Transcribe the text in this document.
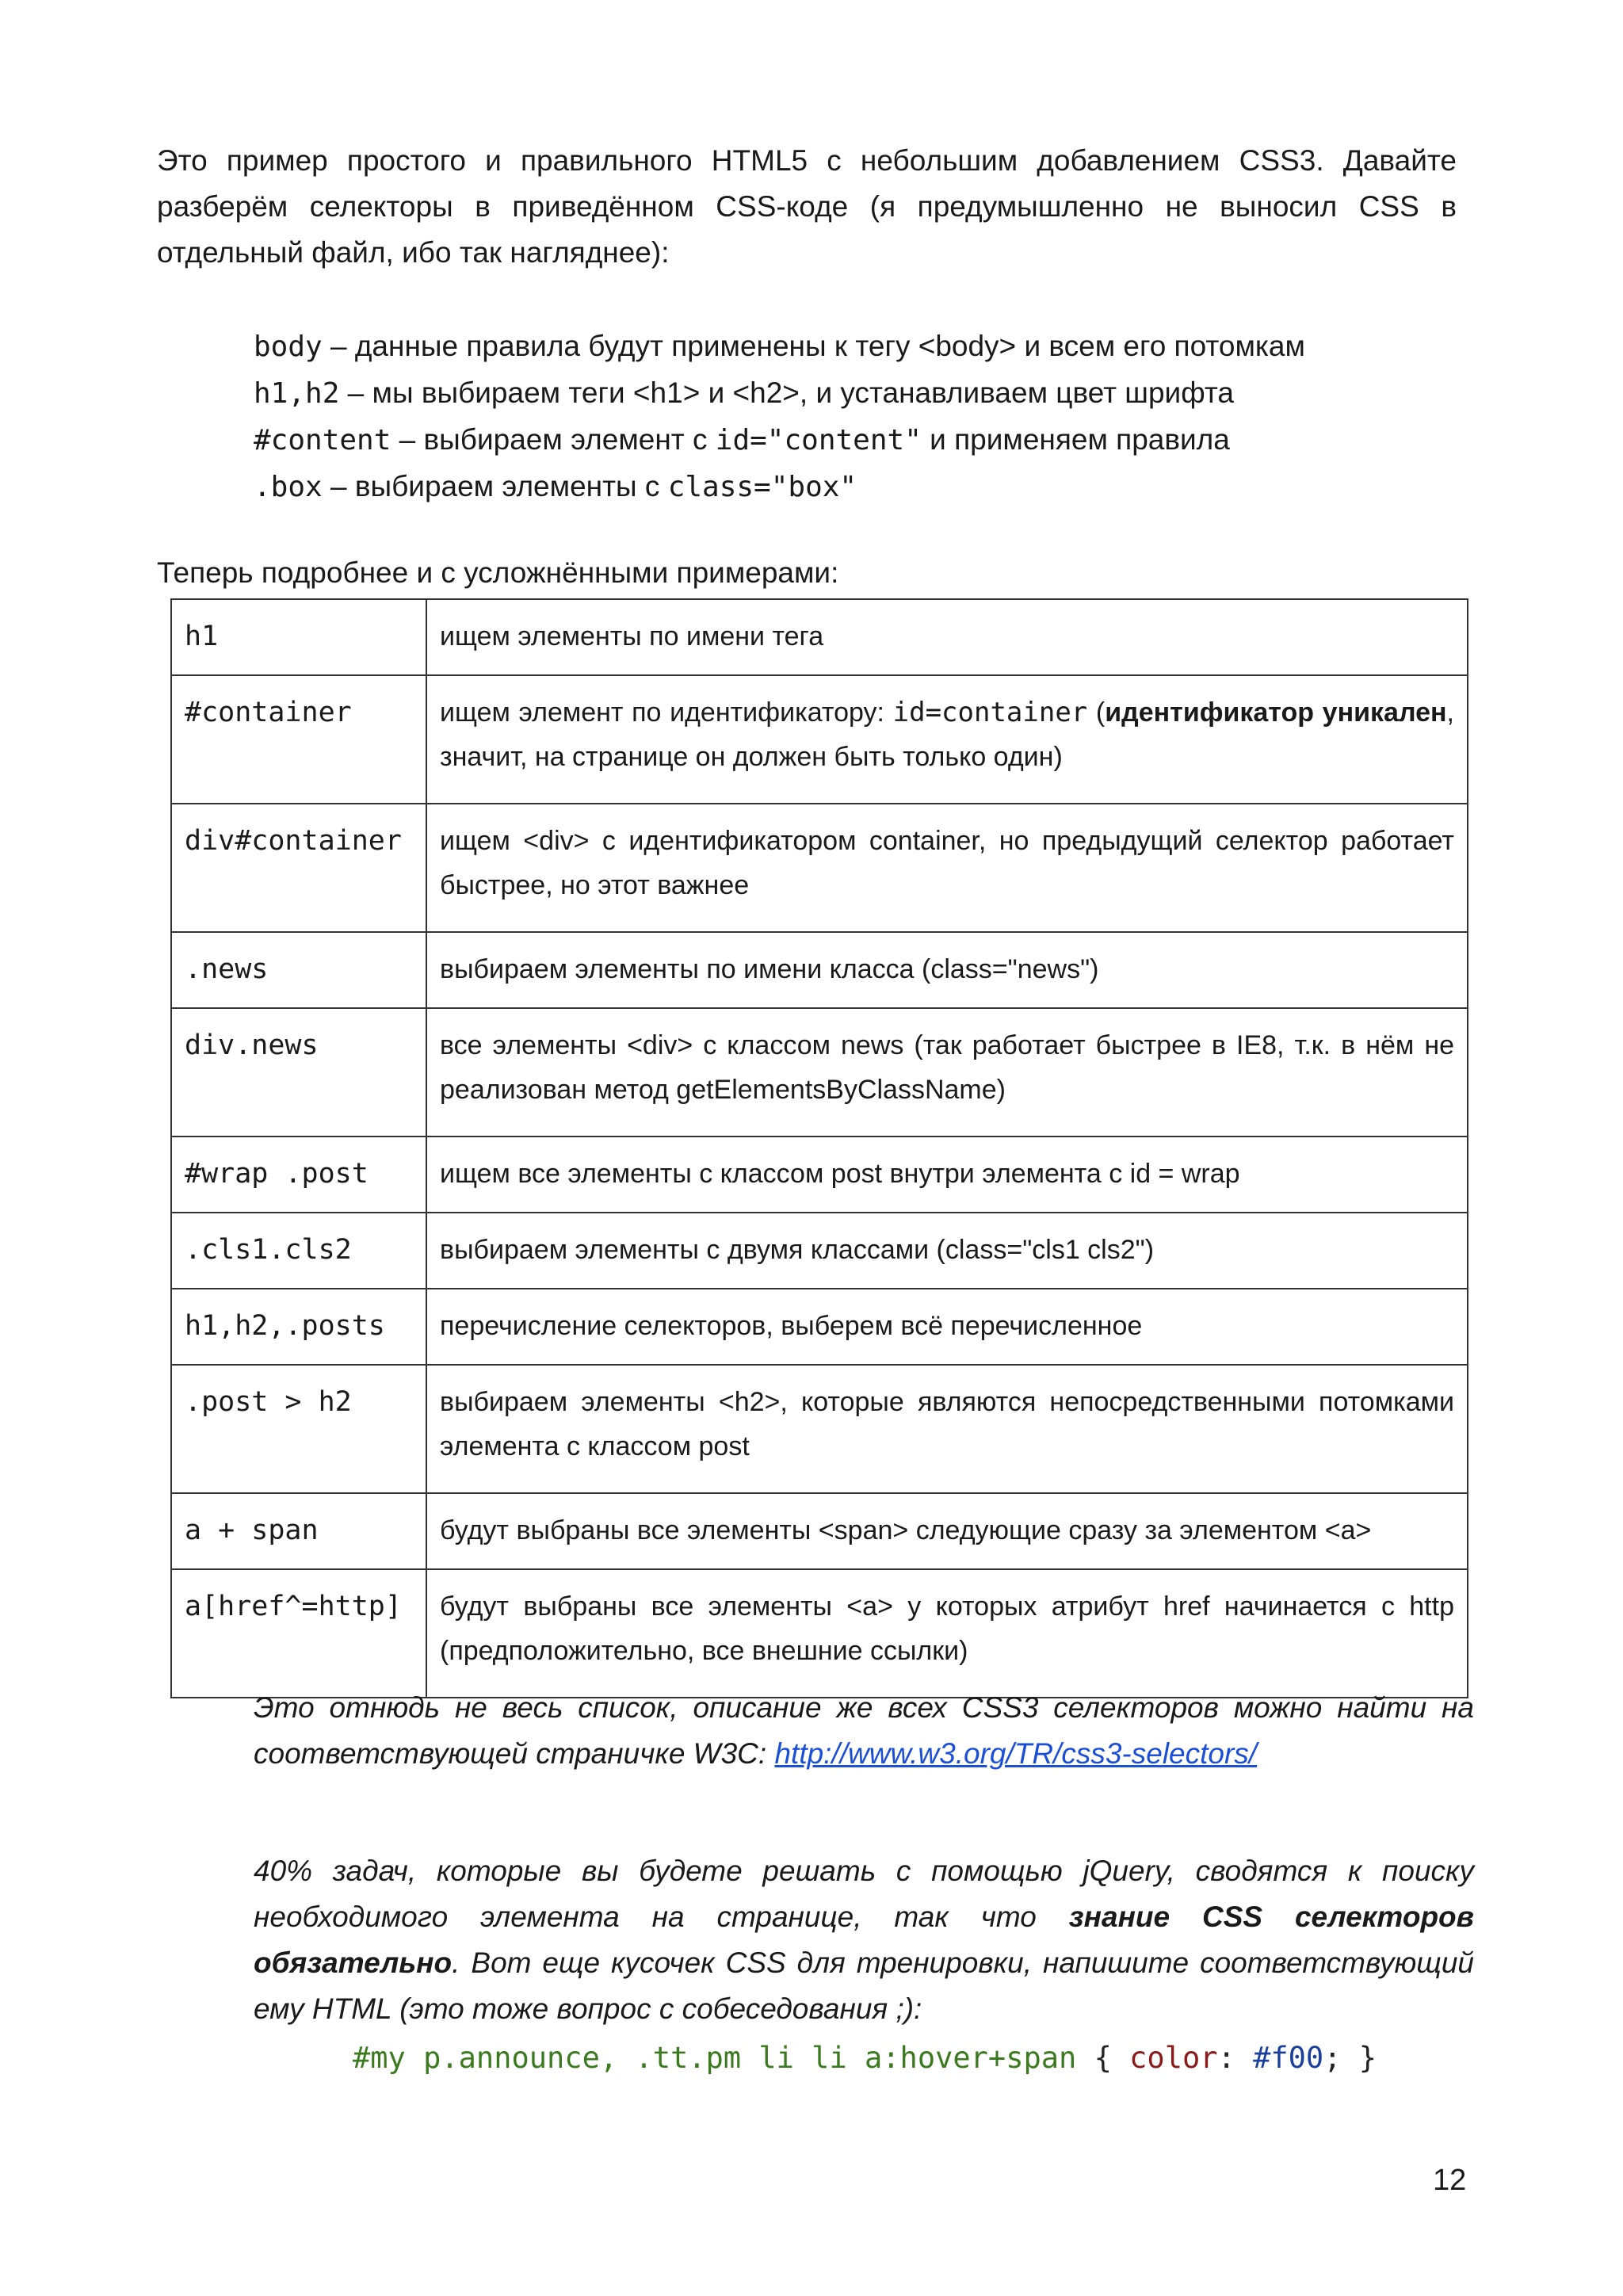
Это пример простого и правильного HTML5 с небольшим добавлением CSS3. Давайте разберём селекторы в приведённом CSS-коде (я предумышленно не выносил CSS в отдельный файл, ибо так нагляднее):
body – данные правила будут применены к тегу <body> и всем его потомкам
h1,h2 – мы выбираем теги <h1> и <h2>, и устанавливаем цвет шрифта
#content – выбираем элемент с id="content" и применяем правила
.box – выбираем элементы с class="box"
Теперь подробнее и с усложнёнными примерами:
h1	ищем элементы по имени тега
#container	ищем элемент по идентификатору: id=container (идентификатор уникален, значит, на странице он должен быть только один)
div#container	ищем <div> с идентификатором container, но предыдущий селектор работает быстрее, но этот важнее
.news	выбираем элементы по имени класса (class="news")
div.news	все элементы <div> с классом news (так работает быстрее в IE8, т.к. в нём не реализован метод getElementsByClassName)
#wrap .post	ищем все элементы с классом post внутри элемента с id = wrap
.cls1.cls2	выбираем элементы с двумя классами (class="cls1 cls2")
h1,h2,.posts	перечисление селекторов, выберем всё перечисленное
.post > h2	выбираем элементы <h2>, которые являются непосредственными потомками элемента с классом post
a + span	будут выбраны все элементы <span> следующие сразу за элементом <a>
a[href^=http]	будут выбраны все элементы <a> у которых атрибут href начинается с http (предположительно, все внешние ссылки)
Это отнюдь не весь список, описание же всех CSS3 селекторов можно найти на соответствующей страничке W3C: http://www.w3.org/TR/css3-selectors/
40% задач, которые вы будете решать с помощью jQuery, сводятся к поиску необходимого элемента на странице, так что знание CSS селекторов обязательно. Вот еще кусочек CSS для тренировки, напишите соответствующий ему HTML (это тоже вопрос с собеседования ;):
#my p.announce, .tt.pm li li a:hover+span { color: #f00; }
12
